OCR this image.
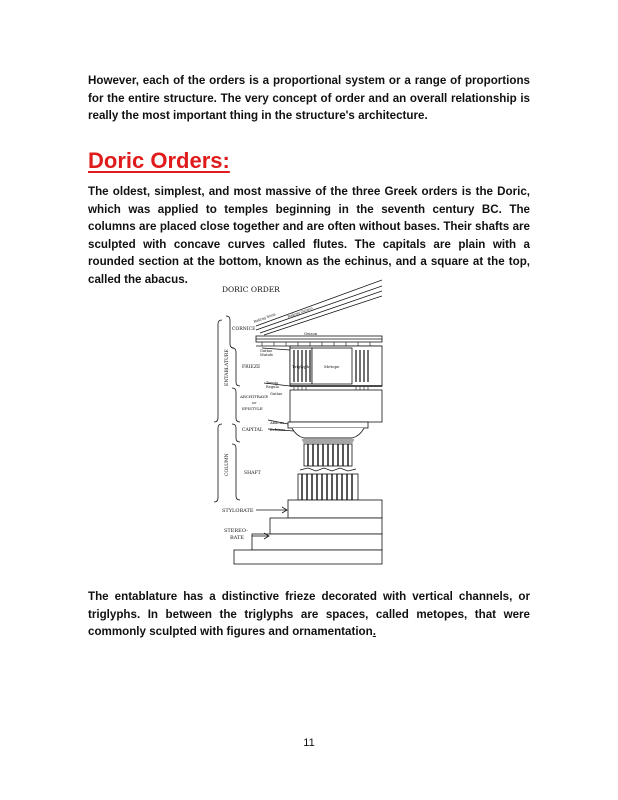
However, each of the orders is a proportional system or a range of proportions for the entire structure. The very concept of order and an overall relationship is really the most important thing in the structure's architecture.

Doric Orders:

The oldest, simplest, and most massive of the three Greek orders is the Doric, which was applied to temples beginning in the seventh century BC. The columns are placed close together and are often without bases. Their shafts are sculpted with concave curves called flutes. The capitals are plain with a rounded section at the bottom, known as the echinus, and a square at the top, called the abacus.

DORIC ORDER
Raking Sima	Raking Geison
Geison
CORNICE
Guttae
Mutule
FRIEZE	Triglyph	Metope
Taenia
Regula
Guttae
ARCHITRAVE
or
EPISTYLE
Abacus
Echinus
CAPITAL
SHAFT
ENTABLATURE
COLUMN
STYLOBATE
STEREO-
BATE

The entablature has a distinctive frieze decorated with vertical channels, or triglyphs. In between the triglyphs are spaces, called metopes, that were commonly sculpted with figures and ornamentation.

11
